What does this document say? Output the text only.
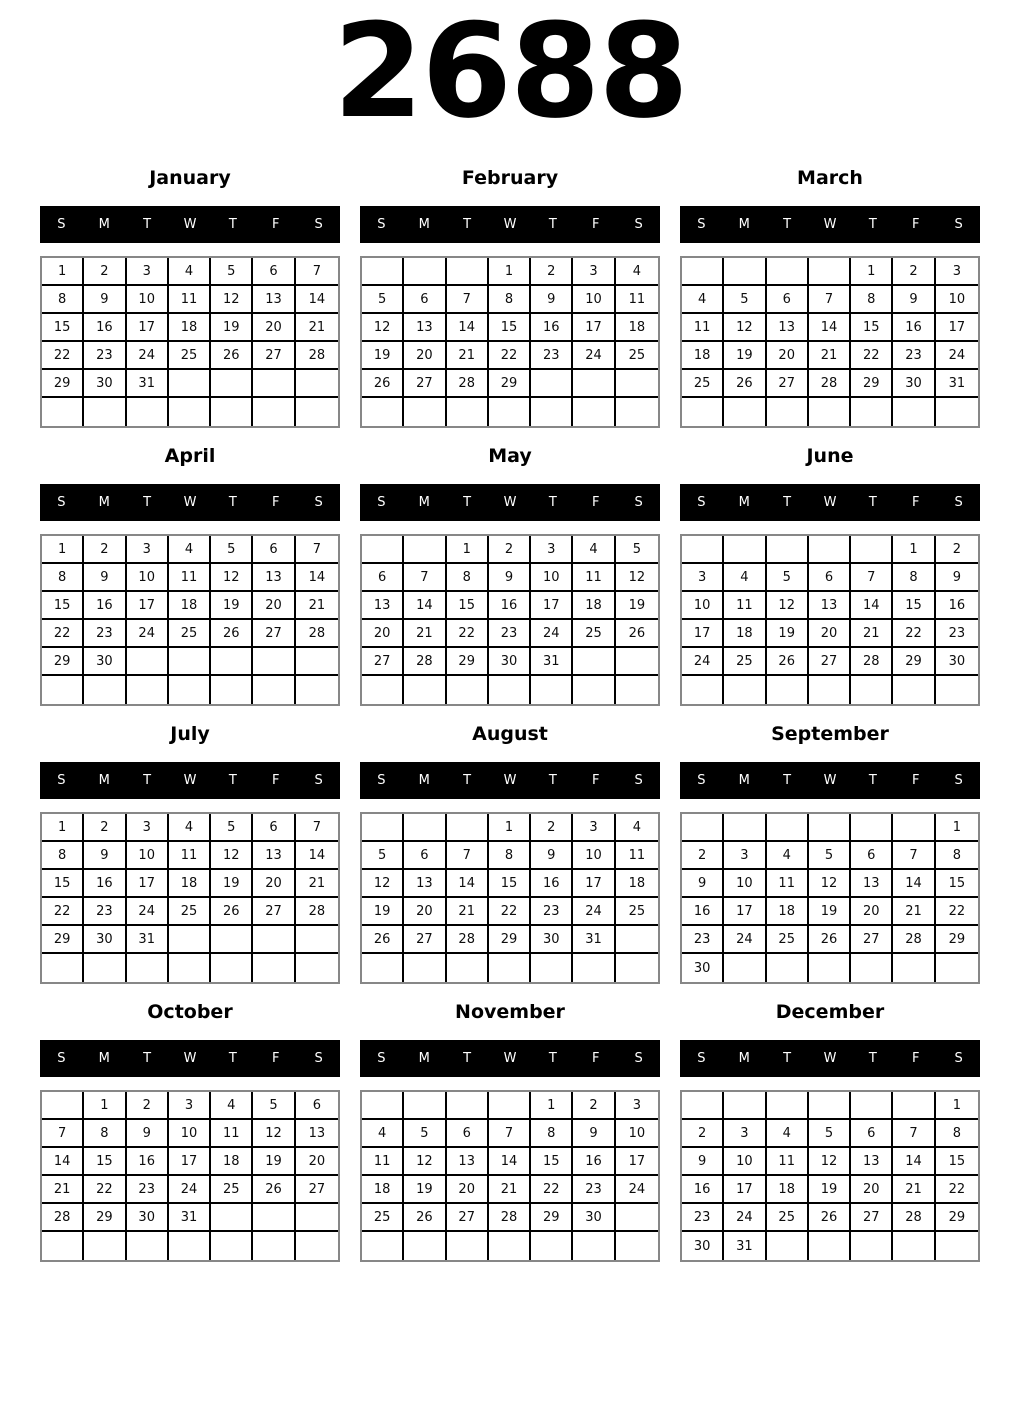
2688
January
S	M	T	W	T	F	S
1	2	3	4	5	6	7
8	9	10	11	12	13	14
15	16	17	18	19	20	21
22	23	24	25	26	27	28
29	30	31				

February
S	M	T	W	T	F	S
			1	2	3	4
5	6	7	8	9	10	11
12	13	14	15	16	17	18
19	20	21	22	23	24	25
26	27	28	29			

March
S	M	T	W	T	F	S
				1	2	3
4	5	6	7	8	9	10
11	12	13	14	15	16	17
18	19	20	21	22	23	24
25	26	27	28	29	30	31

April
S	M	T	W	T	F	S
1	2	3	4	5	6	7
8	9	10	11	12	13	14
15	16	17	18	19	20	21
22	23	24	25	26	27	28
29	30					

May
S	M	T	W	T	F	S
		1	2	3	4	5
6	7	8	9	10	11	12
13	14	15	16	17	18	19
20	21	22	23	24	25	26
27	28	29	30	31		

June
S	M	T	W	T	F	S
					1	2
3	4	5	6	7	8	9
10	11	12	13	14	15	16
17	18	19	20	21	22	23
24	25	26	27	28	29	30

July
S	M	T	W	T	F	S
1	2	3	4	5	6	7
8	9	10	11	12	13	14
15	16	17	18	19	20	21
22	23	24	25	26	27	28
29	30	31				

August
S	M	T	W	T	F	S
			1	2	3	4
5	6	7	8	9	10	11
12	13	14	15	16	17	18
19	20	21	22	23	24	25
26	27	28	29	30	31	

September
S	M	T	W	T	F	S
						1
2	3	4	5	6	7	8
9	10	11	12	13	14	15
16	17	18	19	20	21	22
23	24	25	26	27	28	29
30						
October
S	M	T	W	T	F	S
	1	2	3	4	5	6
7	8	9	10	11	12	13
14	15	16	17	18	19	20
21	22	23	24	25	26	27
28	29	30	31			

November
S	M	T	W	T	F	S
				1	2	3
4	5	6	7	8	9	10
11	12	13	14	15	16	17
18	19	20	21	22	23	24
25	26	27	28	29	30	

December
S	M	T	W	T	F	S
						1
2	3	4	5	6	7	8
9	10	11	12	13	14	15
16	17	18	19	20	21	22
23	24	25	26	27	28	29
30	31					
